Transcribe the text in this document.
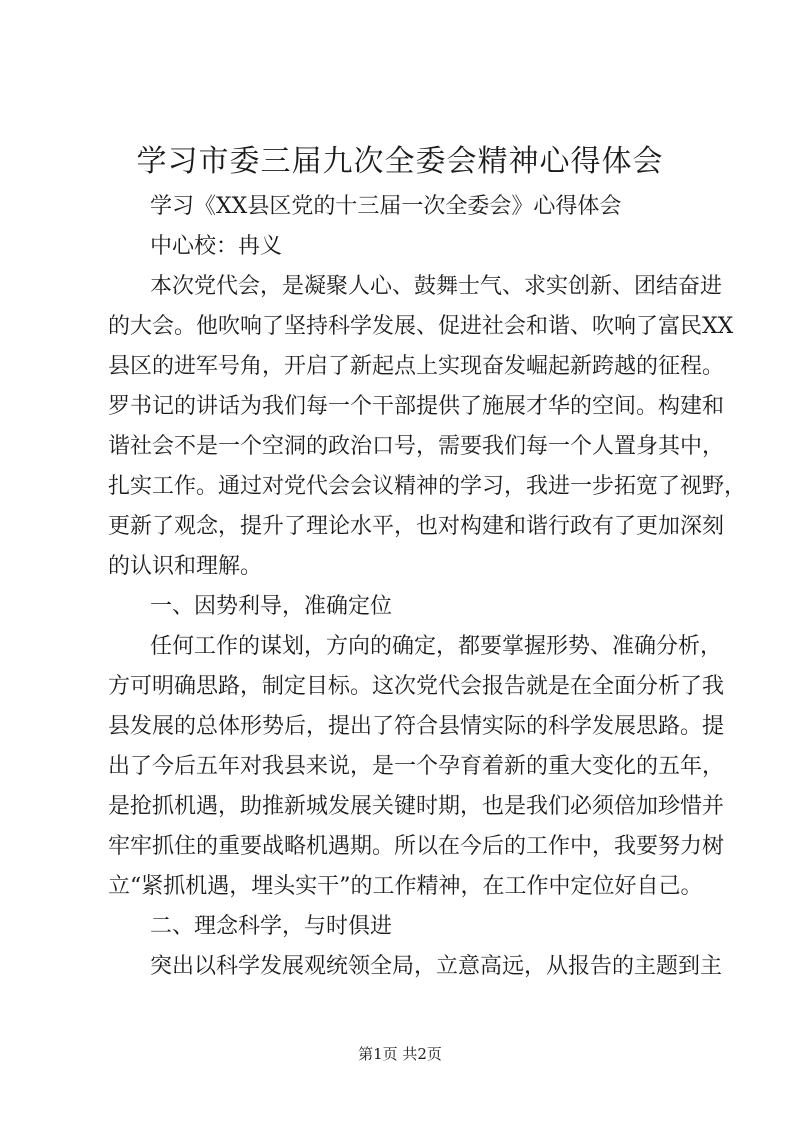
学习市委三届九次全委会精神心得体会

学习《XX县区党的十三届一次全委会》心得体会

中心校：冉义

本次党代会，是凝聚人心、鼓舞士气、求实创新、团结奋进

的大会。他吹响了坚持科学发展、促进社会和谐、吹响了富民XX

县区的进军号角，开启了新起点上实现奋发崛起新跨越的征程。

罗书记的讲话为我们每一个干部提供了施展才华的空间。构建和

谐社会不是一个空洞的政治口号，需要我们每一个人置身其中，

扎实工作。通过对党代会会议精神的学习，我进一步拓宽了视野，

更新了观念，提升了理论水平，也对构建和谐行政有了更加深刻

的认识和理解。

一、因势利导，准确定位

任何工作的谋划，方向的确定，都要掌握形势、准确分析，

方可明确思路，制定目标。这次党代会报告就是在全面分析了我

县发展的总体形势后，提出了符合县情实际的科学发展思路。提

出了今后五年对我县来说，是一个孕育着新的重大变化的五年，

是抢抓机遇，助推新城发展关键时期，也是我们必须倍加珍惜并

牢牢抓住的重要战略机遇期。所以在今后的工作中，我要努力树

立“紧抓机遇，埋头实干”的工作精神，在工作中定位好自己。

二、理念科学，与时俱进

突出以科学发展观统领全局，立意高远，从报告的主题到主

第1页 共2页
